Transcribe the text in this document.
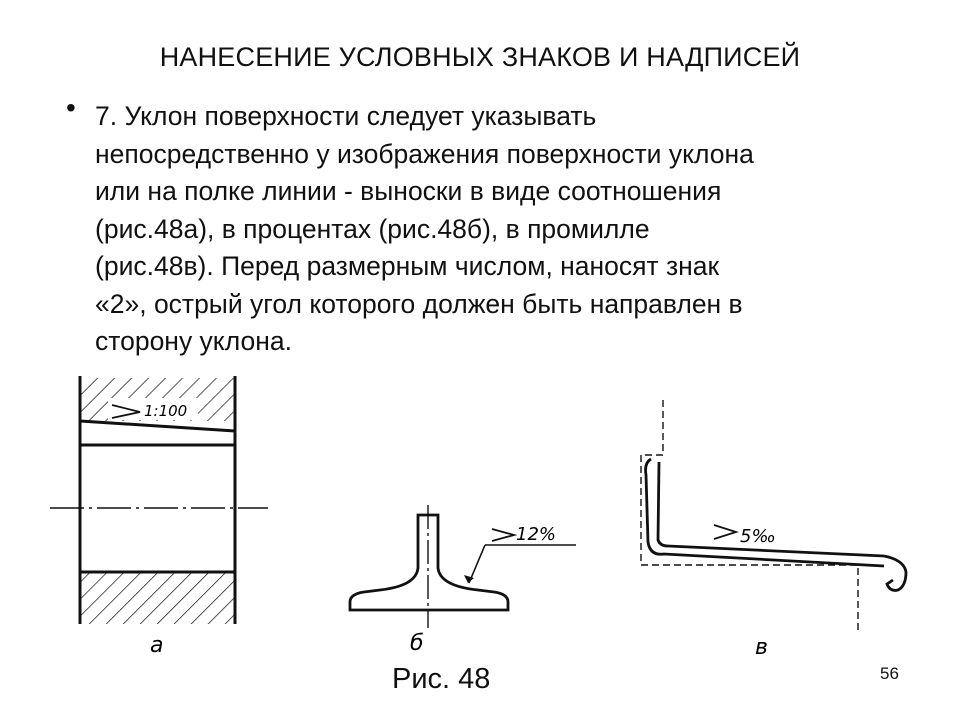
НАНЕСЕНИЕ УСЛОВНЫХ ЗНАКОВ И НАДПИСЕЙ
• 7. Уклон поверхности следует указывать
непосредственно у изображения поверхности уклона
или на полке линии - выноски в виде соотношения
(рис.48а), в процентах (рис.48б), в промилле
(рис.48в). Перед размерным числом, наносят знак
«2», острый угол которого должен быть направлен в
сторону уклона.
1:100
а
12%
б
5‰
в
Рис. 48	56
